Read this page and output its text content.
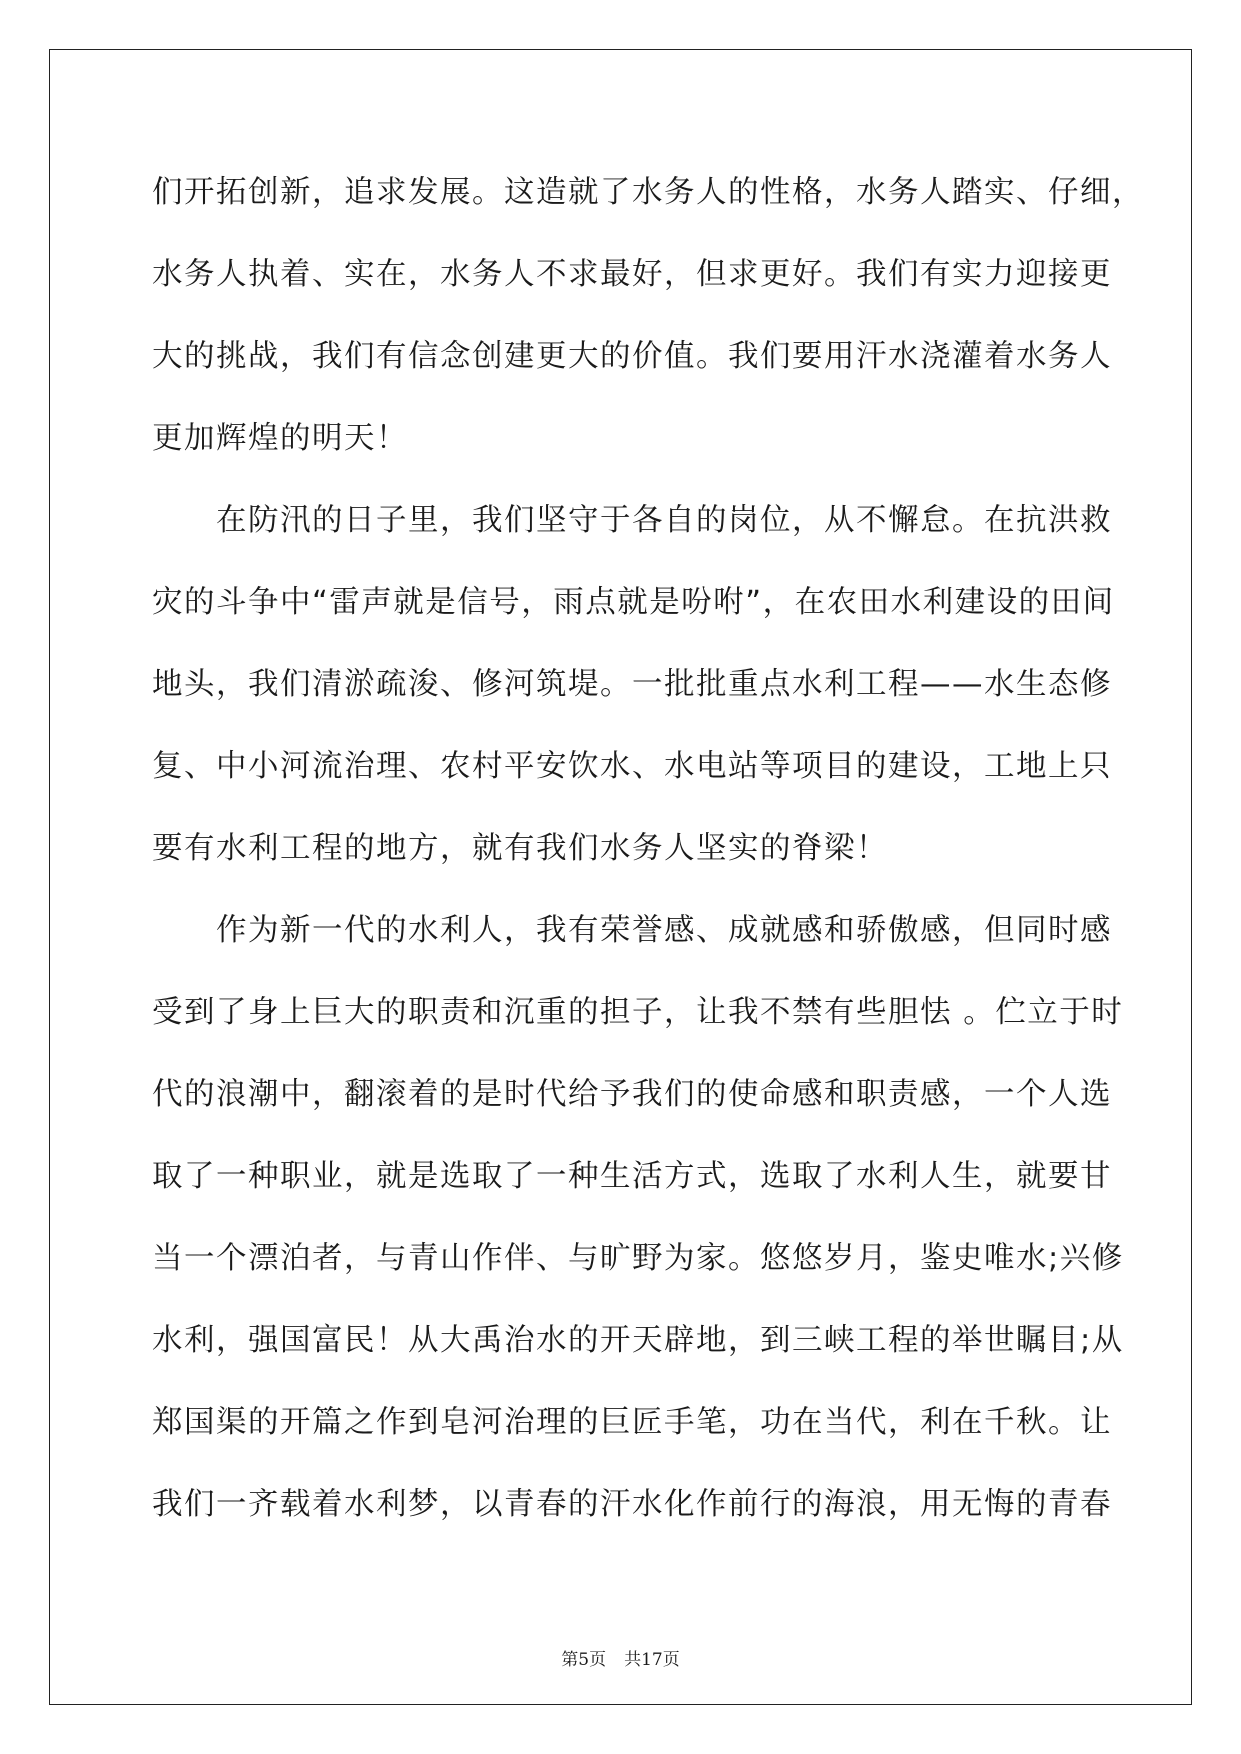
们开拓创新，追求发展。这造就了水务人的性格，水务人踏实、仔细，
水务人执着、实在，水务人不求最好，但求更好。我们有实力迎接更
大的挑战，我们有信念创建更大的价值。我们要用汗水浇灌着水务人
更加辉煌的明天！
　　在防汛的日子里，我们坚守于各自的岗位，从不懈怠。在抗洪救
灾的斗争中“雷声就是信号，雨点就是吩咐”，在农田水利建设的田间
地头，我们清淤疏浚、修河筑堤。一批批重点水利工程——水生态修
复、中小河流治理、农村平安饮水、水电站等项目的建设，工地上只
要有水利工程的地方，就有我们水务人坚实的脊梁！
　　作为新一代的水利人，我有荣誉感、成就感和骄傲感，但同时感
受到了身上巨大的职责和沉重的担子，让我不禁有些胆怯 。伫立于时
代的浪潮中，翻滚着的是时代给予我们的使命感和职责感，一个人选
取了一种职业，就是选取了一种生活方式，选取了水利人生，就要甘
当一个漂泊者，与青山作伴、与旷野为家。悠悠岁月，鉴史唯水;兴修
水利，强国富民！从大禹治水的开天辟地，到三峡工程的举世瞩目;从
郑国渠的开篇之作到皂河治理的巨匠手笔，功在当代，利在千秋。让
我们一齐载着水利梦，以青春的汗水化作前行的海浪，用无悔的青春
第5页 共17页
